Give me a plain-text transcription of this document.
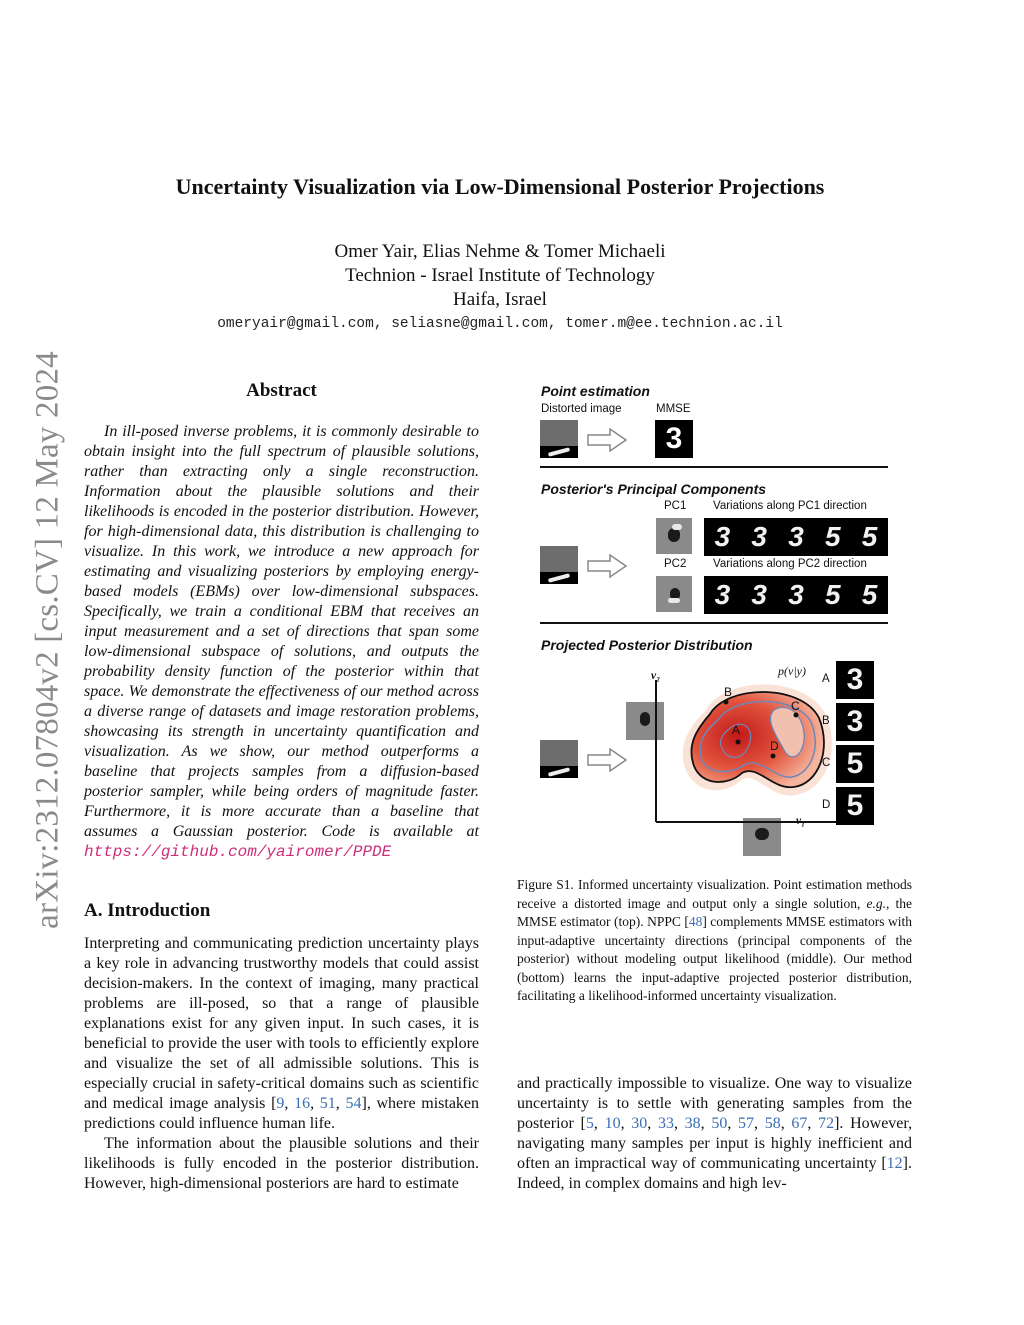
arXiv:2312.07804v2 [cs.CV] 12 May 2024
Uncertainty Visualization via Low-Dimensional Posterior Projections
Omer Yair, Elias Nehme & Tomer Michaeli
Technion - Israel Institute of Technology
Haifa, Israel
omeryair@gmail.com, seliasne@gmail.com, tomer.m@ee.technion.ac.il
Abstract
In ill-posed inverse problems, it is commonly desirable to obtain insight into the full spectrum of plausible solutions, rather than extracting only a single reconstruction. Information about the plausible solutions and their likelihoods is encoded in the posterior distribution. However, for high-dimensional data, this distribution is challenging to visualize. In this work, we introduce a new approach for estimating and visualizing posteriors by employing energy-based models (EBMs) over low-dimensional subspaces. Specifically, we train a conditional EBM that receives an input measurement and a set of directions that span some low-dimensional subspace of solutions, and outputs the probability density function of the posterior within that space. We demonstrate the effectiveness of our method across a diverse range of datasets and image restoration problems, showcasing its strength in uncertainty quantification and visualization. As we show, our method outperforms a baseline that projects samples from a diffusion-based posterior sampler, while being orders of magnitude faster. Furthermore, it is more accurate than a baseline that assumes a Gaussian posterior. Code is available at https://github.com/yairomer/PPDE
A. Introduction

Interpreting and communicating prediction uncertainty plays a key role in advancing trustworthy models that could assist decision-makers. In the context of imaging, many practical problems are ill-posed, so that a range of plausible explanations exist for any given input. In such cases, it is beneficial to provide the user with tools to efficiently explore and visualize the set of all admissible solutions. This is especially crucial in safety-critical domains such as scientific and medical image analysis [9, 16, 51, 54], where mistaken predictions could influence human life.

The information about the plausible solutions and their likelihoods is fully encoded in the posterior distribution. However, high-dimensional posteriors are hard to estimate

Point estimation
Distorted image	MMSE
3
Posterior's Principal Components
PC1 Variations along PC1 direction
3 3 3 5 5
PC2 Variations along PC2 direction
3 3 3 5 5
Projected Posterior Distribution
A
B
C
D
v₂
v₁
p(v|y)
A 3
B 3
C 5
D 5
Figure S1. Informed uncertainty visualization. Point estimation methods receive a distorted image and output only a single solution, e.g., the MMSE estimator (top). NPPC [48] complements MMSE estimators with input-adaptive uncertainty directions (principal components of the posterior) without modeling output likelihood (middle). Our method (bottom) learns the input-adaptive projected posterior distribution, facilitating a likelihood-informed uncertainty visualization.
and practically impossible to visualize. One way to visualize uncertainty is to settle with generating samples from the posterior [5, 10, 30, 33, 38, 50, 57, 58, 67, 72]. However, navigating many samples per input is highly inefficient and often an impractical way of communicating uncertainty [12]. Indeed, in complex domains and high lev-
